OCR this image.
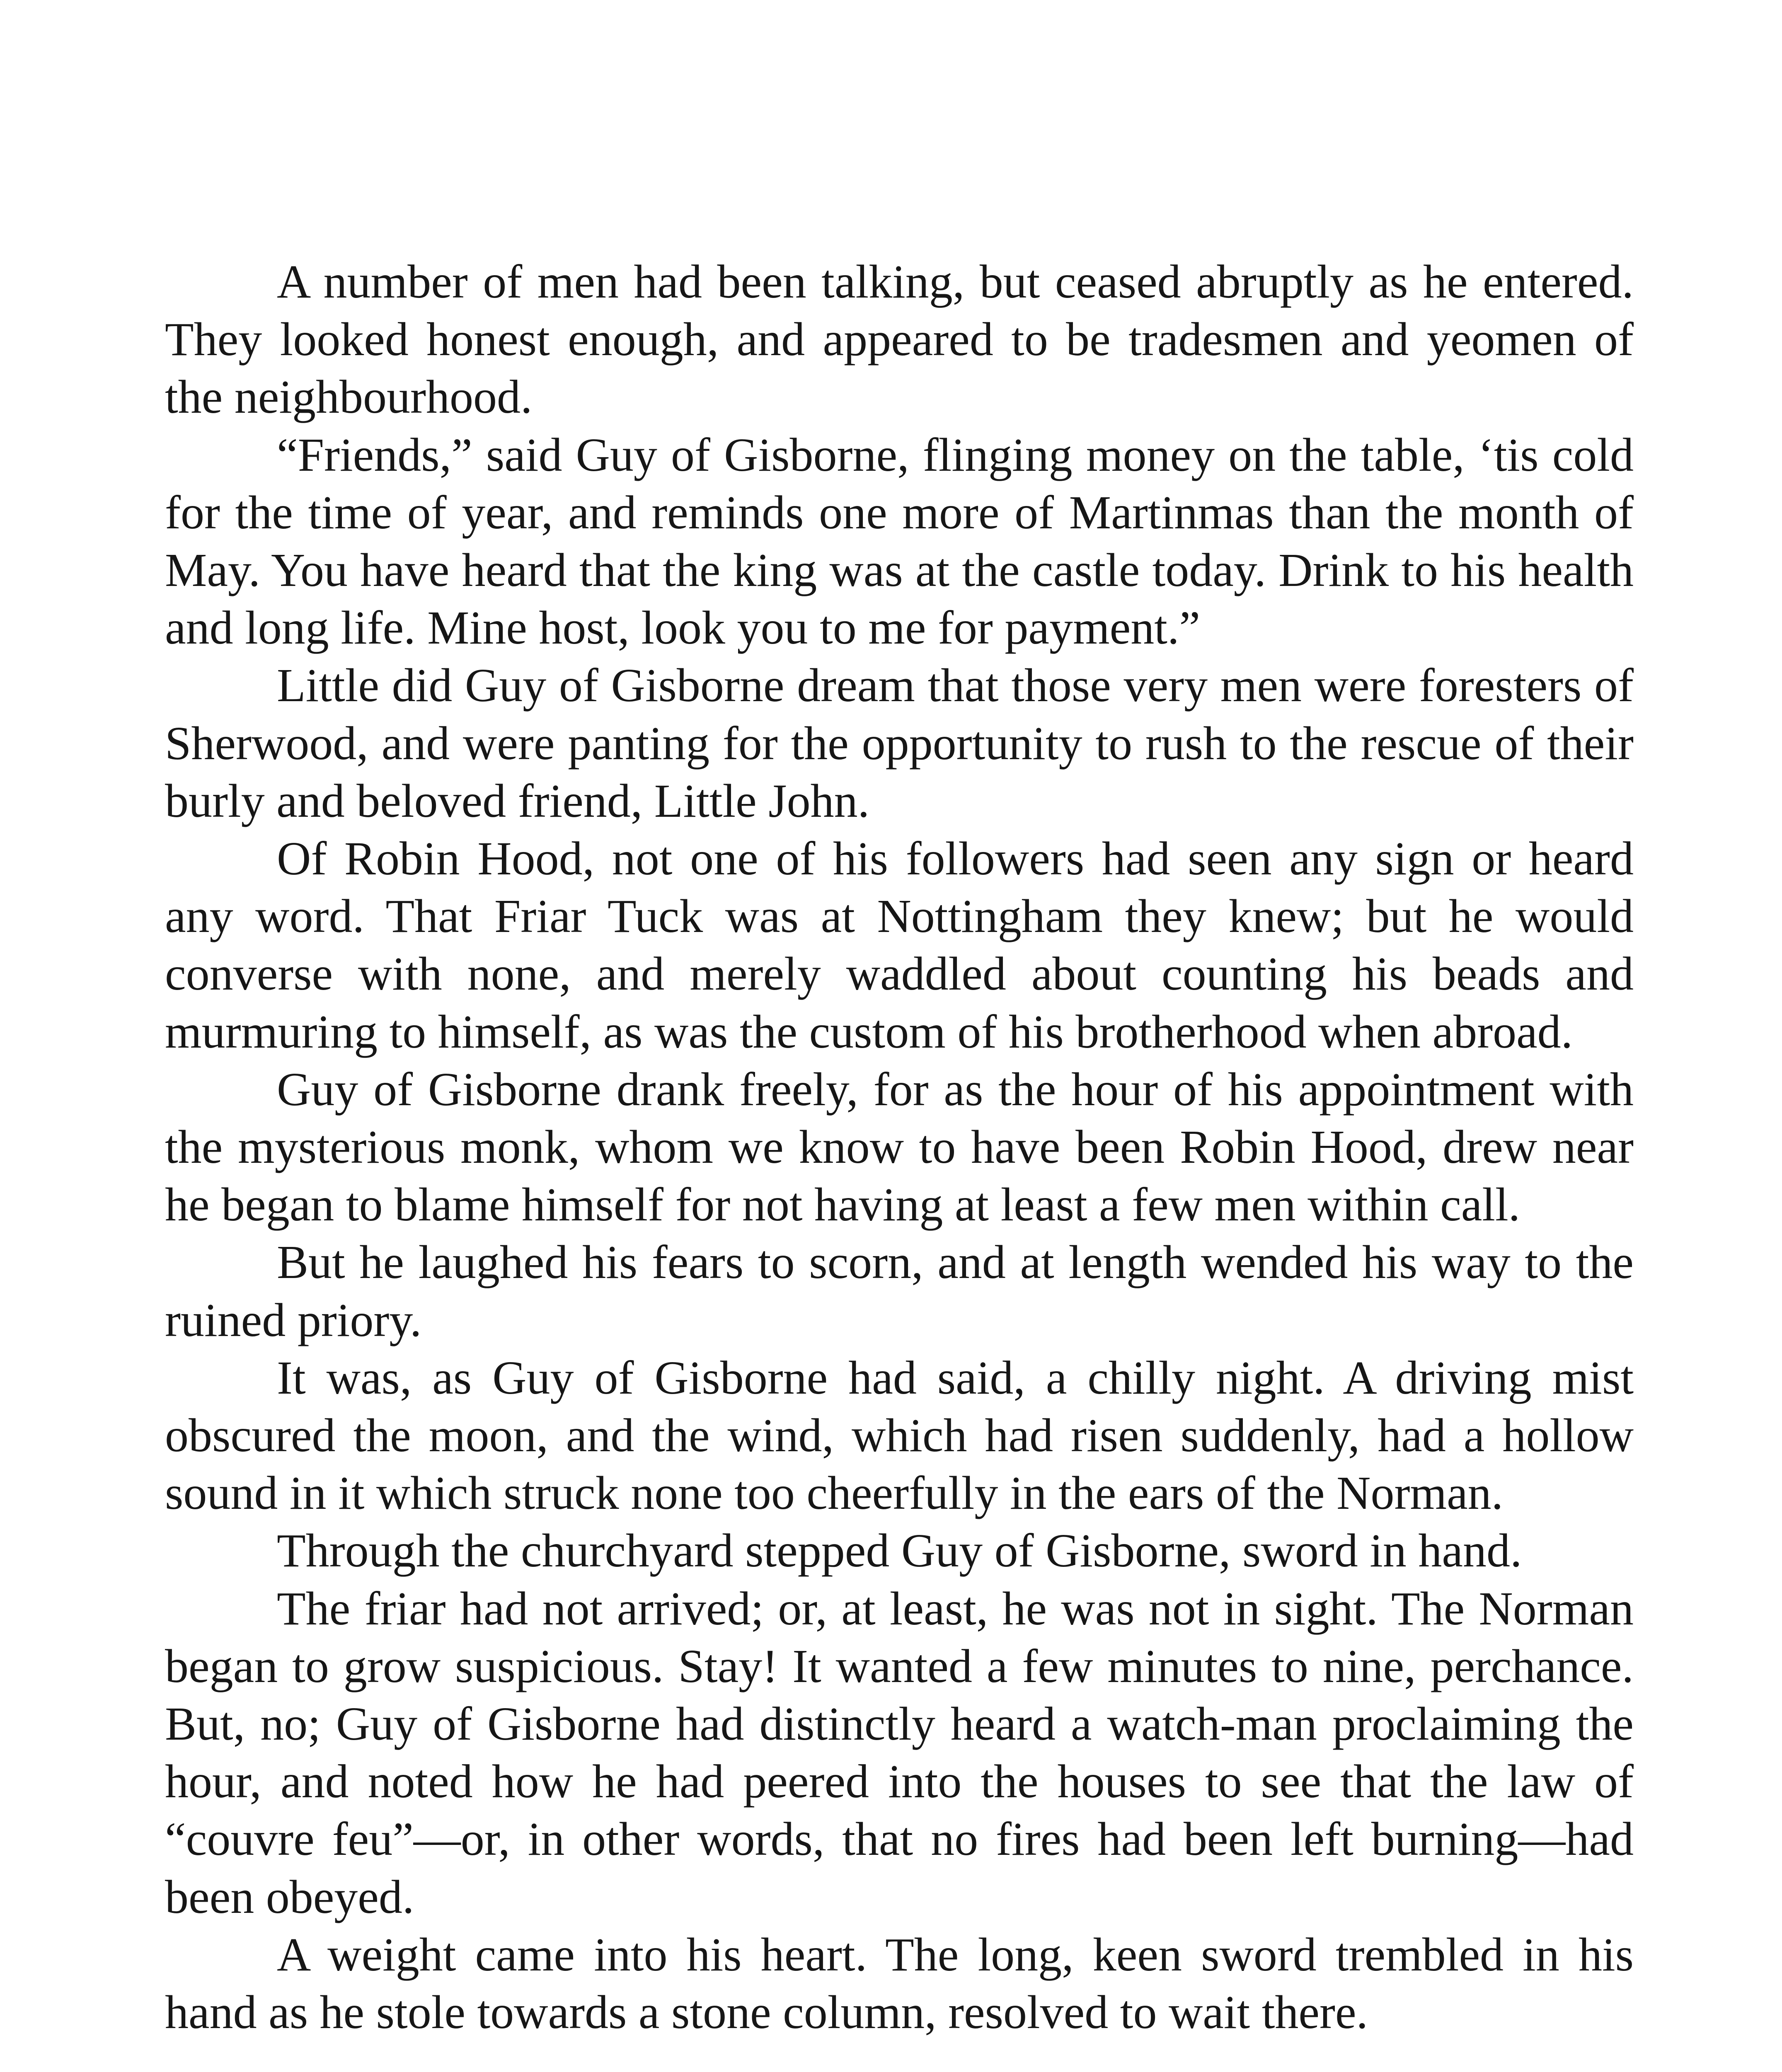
A number of men had been talking, but ceased abruptly as he entered. They looked honest enough, and appeared to be tradesmen and yeomen of the neighbourhood.

“Friends,” said Guy of Gisborne, flinging money on the table, ‘tis cold for the time of year, and reminds one more of Martinmas than the month of May. You have heard that the king was at the castle today. Drink to his health and long life. Mine host, look you to me for payment.”

Little did Guy of Gisborne dream that those very men were foresters of Sherwood, and were panting for the opportunity to rush to the rescue of their burly and beloved friend, Little John.

Of Robin Hood, not one of his followers had seen any sign or heard any word. That Friar Tuck was at Nottingham they knew; but he would converse with none, and merely waddled about counting his beads and murmuring to himself, as was the custom of his brotherhood when abroad.

Guy of Gisborne drank freely, for as the hour of his appointment with the mysterious monk, whom we know to have been Robin Hood, drew near he began to blame himself for not having at least a few men within call.

But he laughed his fears to scorn, and at length wended his way to the ruined priory.

It was, as Guy of Gisborne had said, a chilly night. A driving mist obscured the moon, and the wind, which had risen suddenly, had a hollow sound in it which struck none too cheerfully in the ears of the Norman.

Through the churchyard stepped Guy of Gisborne, sword in hand.

The friar had not arrived; or, at least, he was not in sight. The Norman began to grow suspicious. Stay! It wanted a few minutes to nine, perchance. But, no; Guy of Gisborne had distinctly heard a watch-man proclaiming the hour, and noted how he had peered into the houses to see that the law of “couvre feu”—or, in other words, that no fires had been left burning—had been obeyed.

A weight came into his heart. The long, keen sword trembled in his hand as he stole towards a stone column, resolved to wait there.
